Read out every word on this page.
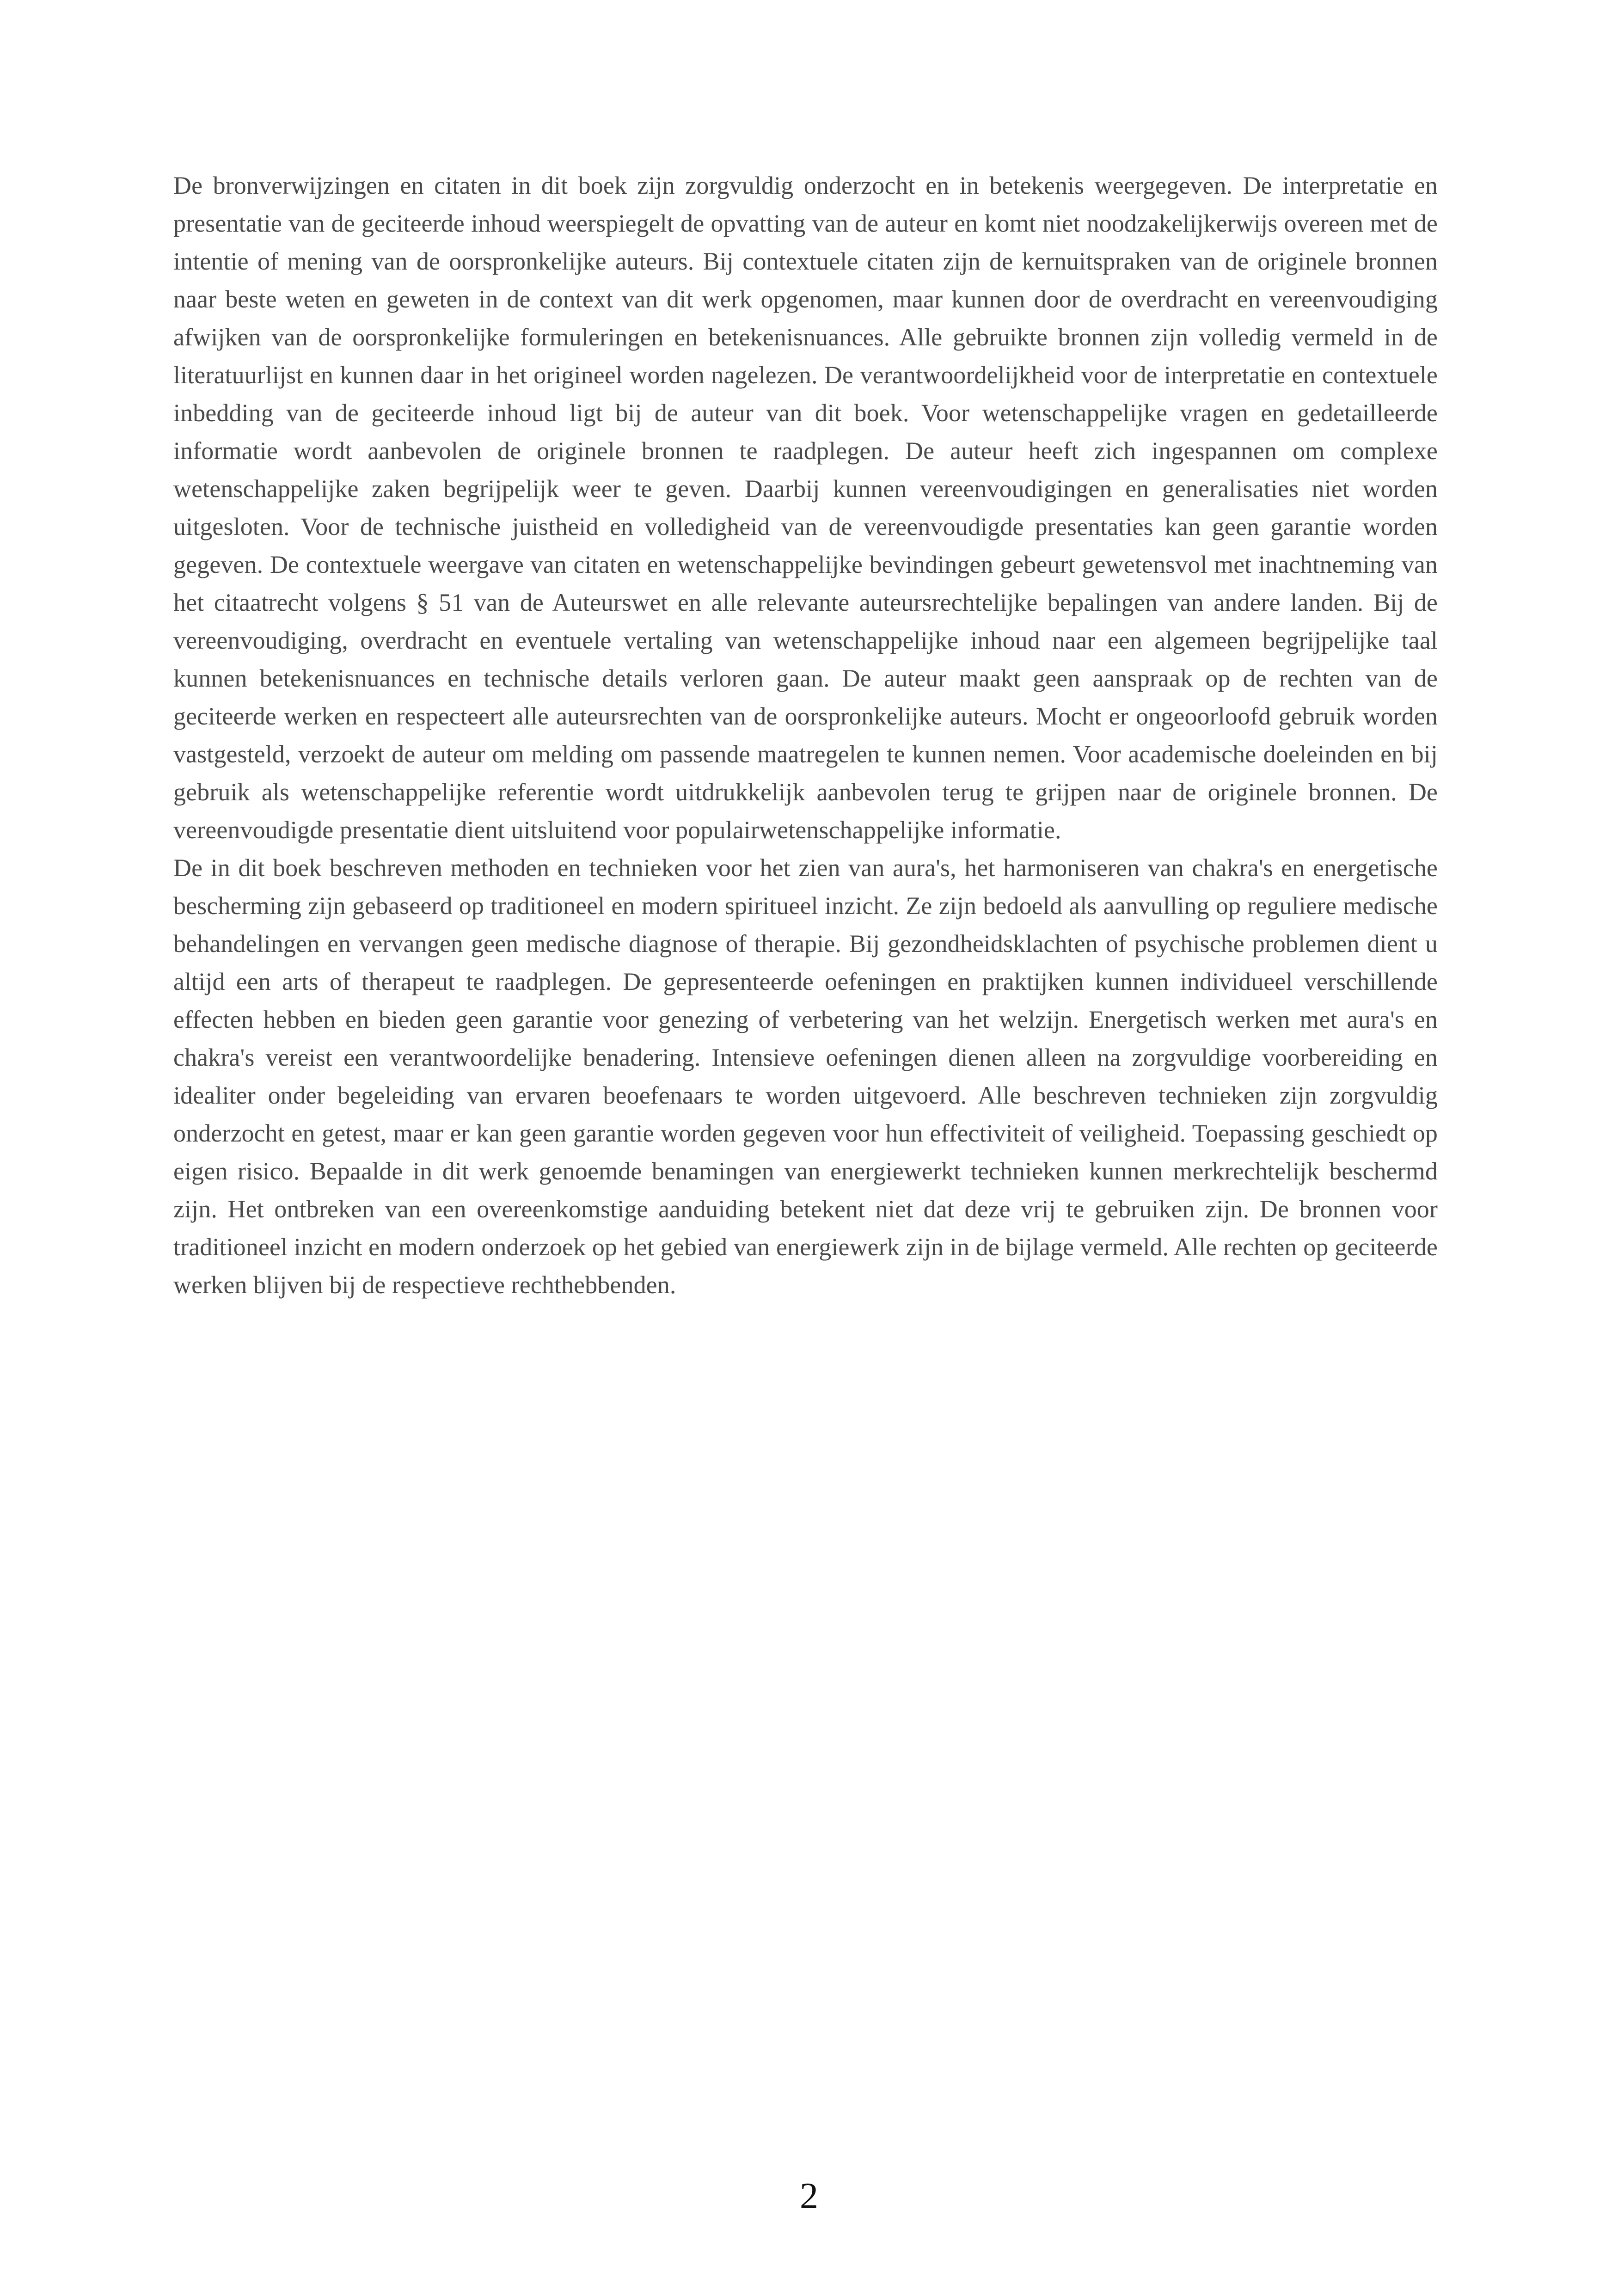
De bronverwijzingen en citaten in dit boek zijn zorgvuldig onderzocht en in betekenis weergegeven. De interpretatie en presentatie van de geciteerde inhoud weerspiegelt de opvatting van de auteur en komt niet noodzakelijkerwijs overeen met de intentie of mening van de oorspronkelijke auteurs. Bij contextuele citaten zijn de kernuitspraken van de originele bronnen naar beste weten en geweten in de context van dit werk opgenomen, maar kunnen door de overdracht en vereenvoudiging afwijken van de oorspronkelijke formuleringen en betekenisnuances. Alle gebruikte bronnen zijn volledig vermeld in de literatuurlijst en kunnen daar in het origineel worden nagelezen. De verantwoordelijkheid voor de interpretatie en contextuele inbedding van de geciteerde inhoud ligt bij de auteur van dit boek. Voor wetenschappelijke vragen en gedetailleerde informatie wordt aanbevolen de originele bronnen te raadplegen. De auteur heeft zich ingespannen om complexe wetenschappelijke zaken begrijpelijk weer te geven. Daarbij kunnen vereenvoudigingen en generalisaties niet worden uitgesloten. Voor de technische juistheid en volledigheid van de vereenvoudigde presentaties kan geen garantie worden gegeven. De contextuele weergave van citaten en wetenschappelijke bevindingen gebeurt gewetensvol met inachtneming van het citaatrecht volgens § 51 van de Auteurswet en alle relevante auteursrechtelijke bepalingen van andere landen. Bij de vereenvoudiging, overdracht en eventuele vertaling van wetenschappelijke inhoud naar een algemeen begrijpelijke taal kunnen betekenisnuances en technische details verloren gaan. De auteur maakt geen aanspraak op de rechten van de geciteerde werken en respecteert alle auteursrechten van de oorspronkelijke auteurs. Mocht er ongeoorloofd gebruik worden vastgesteld, verzoekt de auteur om melding om passende maatregelen te kunnen nemen. Voor academische doeleinden en bij gebruik als wetenschappelijke referentie wordt uitdrukkelijk aanbevolen terug te grijpen naar de originele bronnen. De vereenvoudigde presentatie dient uitsluitend voor populairwetenschappelijke informatie.

De in dit boek beschreven methoden en technieken voor het zien van aura's, het harmoniseren van chakra's en energetische bescherming zijn gebaseerd op traditioneel en modern spiritueel inzicht. Ze zijn bedoeld als aanvulling op reguliere medische behandelingen en vervangen geen medische diagnose of therapie. Bij gezondheidsklachten of psychische problemen dient u altijd een arts of therapeut te raadplegen. De gepresenteerde oefeningen en praktijken kunnen individueel verschillende effecten hebben en bieden geen garantie voor genezing of verbetering van het welzijn. Energetisch werken met aura's en chakra's vereist een verantwoordelijke benadering. Intensieve oefeningen dienen alleen na zorgvuldige voorbereiding en idealiter onder begeleiding van ervaren beoefenaars te worden uitgevoerd. Alle beschreven technieken zijn zorgvuldig onderzocht en getest, maar er kan geen garantie worden gegeven voor hun effectiviteit of veiligheid. Toepassing geschiedt op eigen risico. Bepaalde in dit werk genoemde benamingen van energiewerkt technieken kunnen merkrechtelijk beschermd zijn. Het ontbreken van een overeenkomstige aanduiding betekent niet dat deze vrij te gebruiken zijn. De bronnen voor traditioneel inzicht en modern onderzoek op het gebied van energiewerk zijn in de bijlage vermeld. Alle rechten op geciteerde werken blijven bij de respectieve rechthebbenden.

2
